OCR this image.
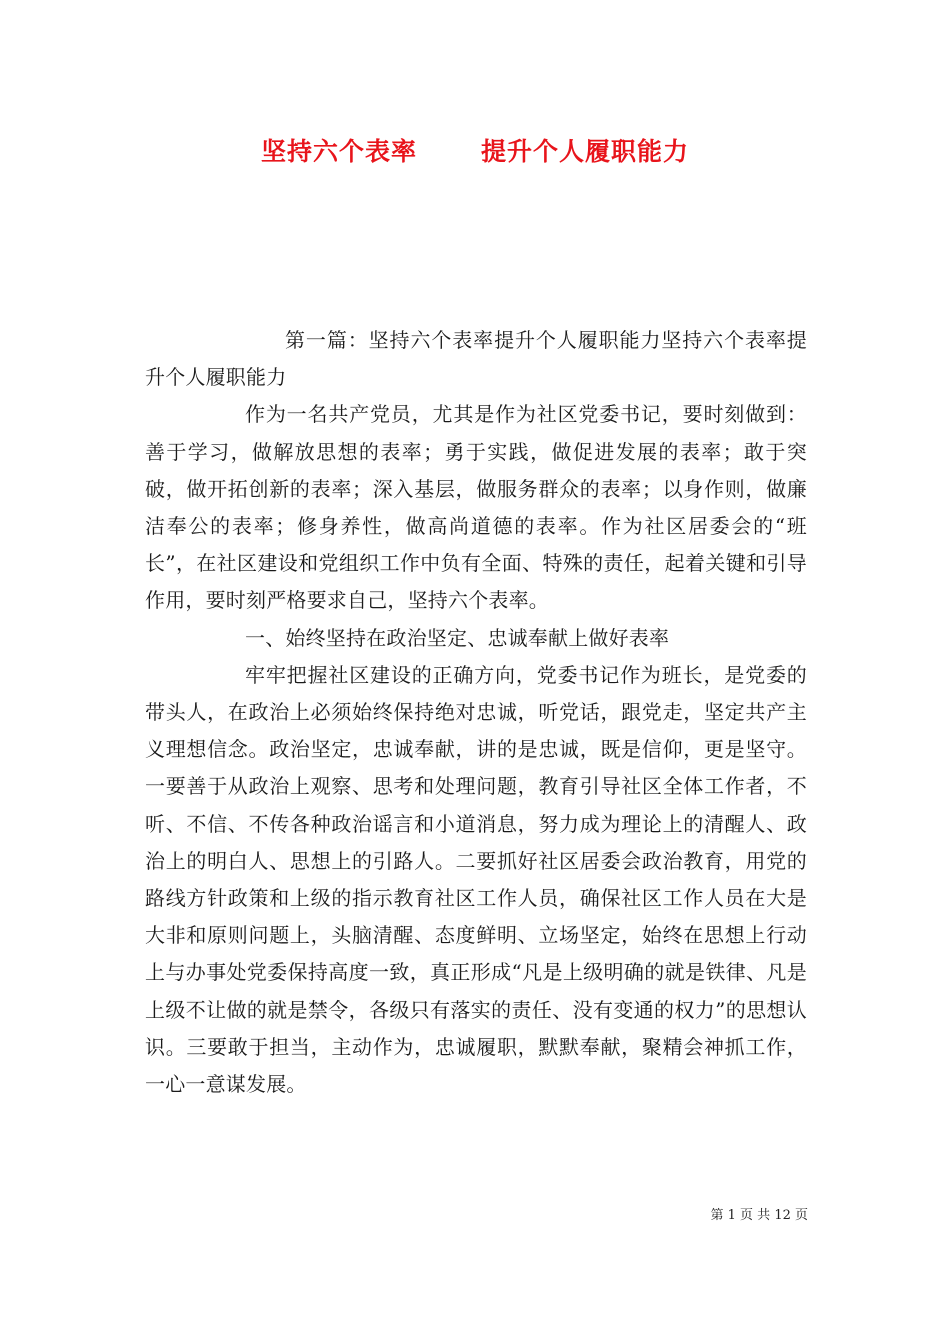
坚持六个表率	提升个人履职能力

第一篇：坚持六个表率提升个人履职能力坚持六个表率提升个人履职能力

作为一名共产党员，尤其是作为社区党委书记，要时刻做到：善于学习，做解放思想的表率；勇于实践，做促进发展的表率；敢于突破，做开拓创新的表率；深入基层，做服务群众的表率；以身作则，做廉洁奉公的表率；修身养性，做高尚道德的表率。作为社区居委会的“班长”，在社区建设和党组织工作中负有全面、特殊的责任，起着关键和引导作用，要时刻严格要求自己，坚持六个表率。

一、始终坚持在政治坚定、忠诚奉献上做好表率

牢牢把握社区建设的正确方向，党委书记作为班长，是党委的带头人，在政治上必须始终保持绝对忠诚，听党话，跟党走，坚定共产主义理想信念。政治坚定，忠诚奉献，讲的是忠诚，既是信仰，更是坚守。一要善于从政治上观察、思考和处理问题，教育引导社区全体工作者，不听、不信、不传各种政治谣言和小道消息，努力成为理论上的清醒人、政治上的明白人、思想上的引路人。二要抓好社区居委会政治教育，用党的路线方针政策和上级的指示教育社区工作人员，确保社区工作人员在大是大非和原则问题上，头脑清醒、态度鲜明、立场坚定，始终在思想上行动上与办事处党委保持高度一致，真正形成“凡是上级明确的就是铁律、凡是上级不让做的就是禁令，各级只有落实的责任、没有变通的权力”的思想认识。三要敢于担当，主动作为，忠诚履职，默默奉献，聚精会神抓工作，一心一意谋发展。

第 1 页 共 12 页
